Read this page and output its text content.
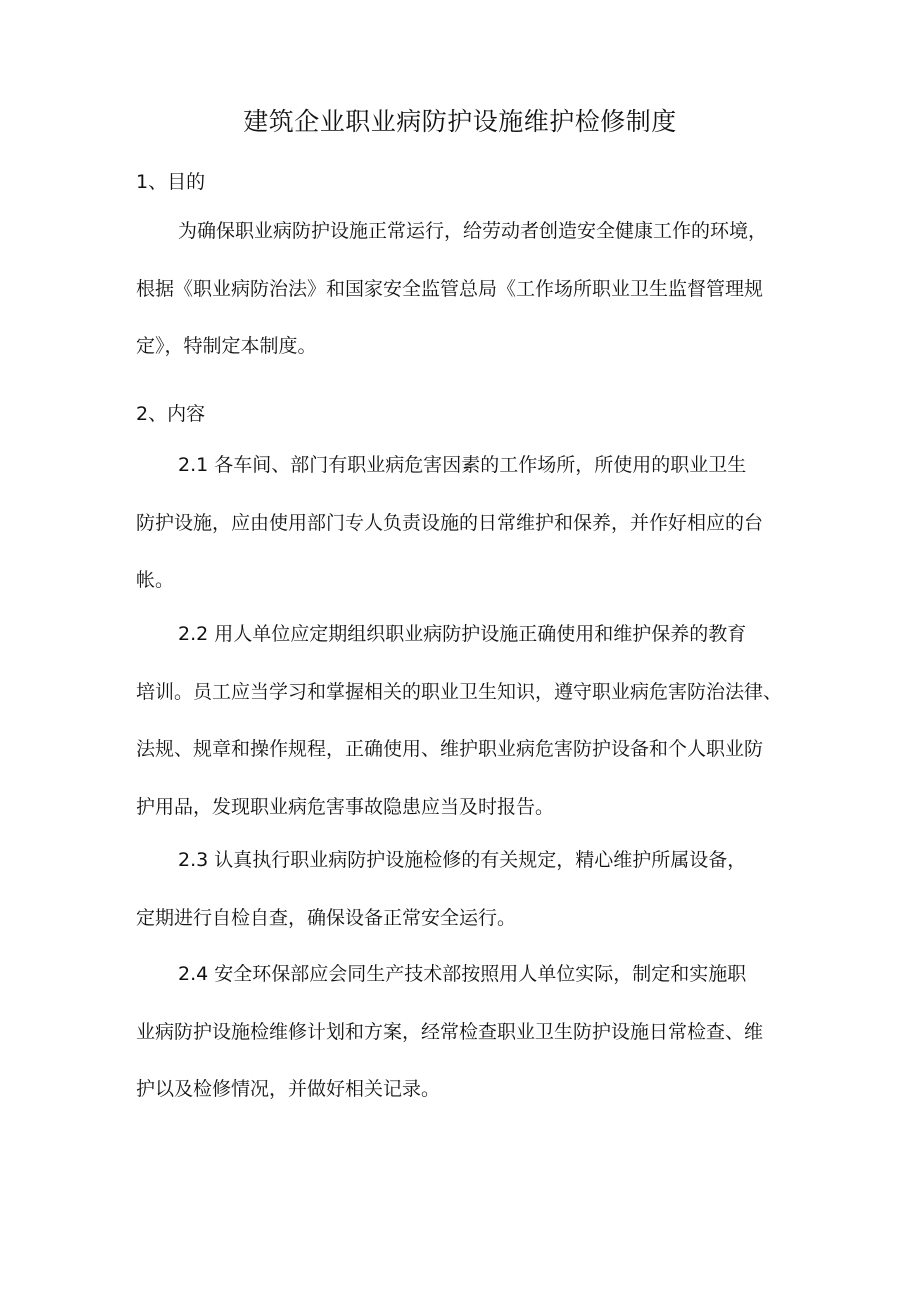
建筑企业职业病防护设施维护检修制度
1、目的
为确保职业病防护设施正常运行，给劳动者创造安全健康工作的环境，
根据《职业病防治法》和国家安全监管总局《工作场所职业卫生监督管理规
定》，特制定本制度。
2、内容
2.1 各车间、部门有职业病危害因素的工作场所，所使用的职业卫生
防护设施，应由使用部门专人负责设施的日常维护和保养，并作好相应的台
帐。
2.2 用人单位应定期组织职业病防护设施正确使用和维护保养的教育
培训。员工应当学习和掌握相关的职业卫生知识，遵守职业病危害防治法律、
法规、规章和操作规程，正确使用、维护职业病危害防护设备和个人职业防
护用品，发现职业病危害事故隐患应当及时报告。
2.3 认真执行职业病防护设施检修的有关规定，精心维护所属设备，
定期进行自检自查，确保设备正常安全运行。
2.4 安全环保部应会同生产技术部按照用人单位实际，制定和实施职
业病防护设施检维修计划和方案，经常检查职业卫生防护设施日常检查、维
护以及检修情况，并做好相关记录。
